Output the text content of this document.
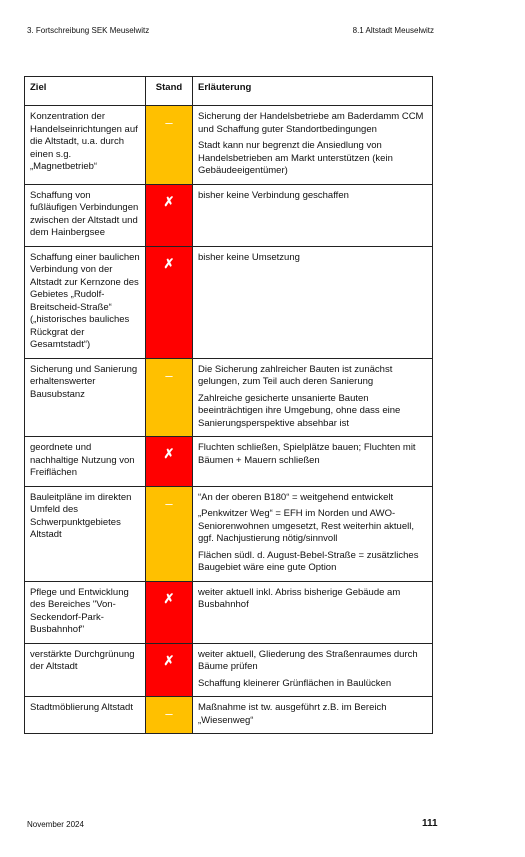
3. Fortschreibung SEK Meuselwitz	8.1 Altstadt Meuselwitz
Ziel	Stand	Erläuterung
Konzentration der Handelseinrichtungen auf die Altstadt, u.a. durch einen s.g. „Magnetbetrieb“	–	Sicherung der Handelsbetriebe am Baderdamm CCM und Schaffung guter Standortbedingungen

Stadt kann nur begrenzt die Ansiedlung von Handelsbetrieben am Markt unterstützen (kein Gebäudeeigentümer)

Schaffung von fußläufigen Verbindungen zwischen der Altstadt und dem Hainbergsee	✗	bisher keine Verbindung geschaffen

Schaffung einer baulichen Verbindung von der Altstadt zur Kernzone des Gebietes „Rudolf-Breitscheid-Straße“ („historisches bauliches Rückgrat der Gesamtstadt“)	✗	bisher keine Umsetzung

Sicherung und Sanierung erhaltenswerter Bausubstanz	–	Die Sicherung zahlreicher Bauten ist zunächst gelungen, zum Teil auch deren Sanierung

Zahlreiche gesicherte unsanierte Bauten beeinträchtigen ihre Umgebung, ohne dass eine Sanierungsperspektive absehbar ist

geordnete und nachhaltige Nutzung von Freiflächen	✗	Fluchten schließen, Spielplätze bauen; Fluchten mit Bäumen + Mauern schließen

Bauleitpläne im direkten Umfeld des Schwerpunktgebietes Altstadt	–	“An der oberen B180“ = weitgehend entwickelt

„Penkwitzer Weg“ = EFH im Norden und AWO-Seniorenwohnen umgesetzt, Rest weiterhin aktuell, ggf. Nachjustierung nötig/sinnvoll

Flächen südl. d. August-Bebel-Straße = zusätzliches Baugebiet wäre eine gute Option

Pflege und Entwicklung des Bereiches "Von-Seckendorf-Park-Busbahnhof"	✗	weiter aktuell inkl. Abriss bisherige Gebäude am Busbahnhof

verstärkte Durchgrünung der Altstadt	✗	weiter aktuell, Gliederung des Straßenraumes durch Bäume prüfen

Schaffung kleinerer Grünflächen in Baulücken

Stadtmöblierung Altstadt	–	Maßnahme ist tw. ausgeführt z.B. im Bereich „Wiesenweg“

November 2024	111
